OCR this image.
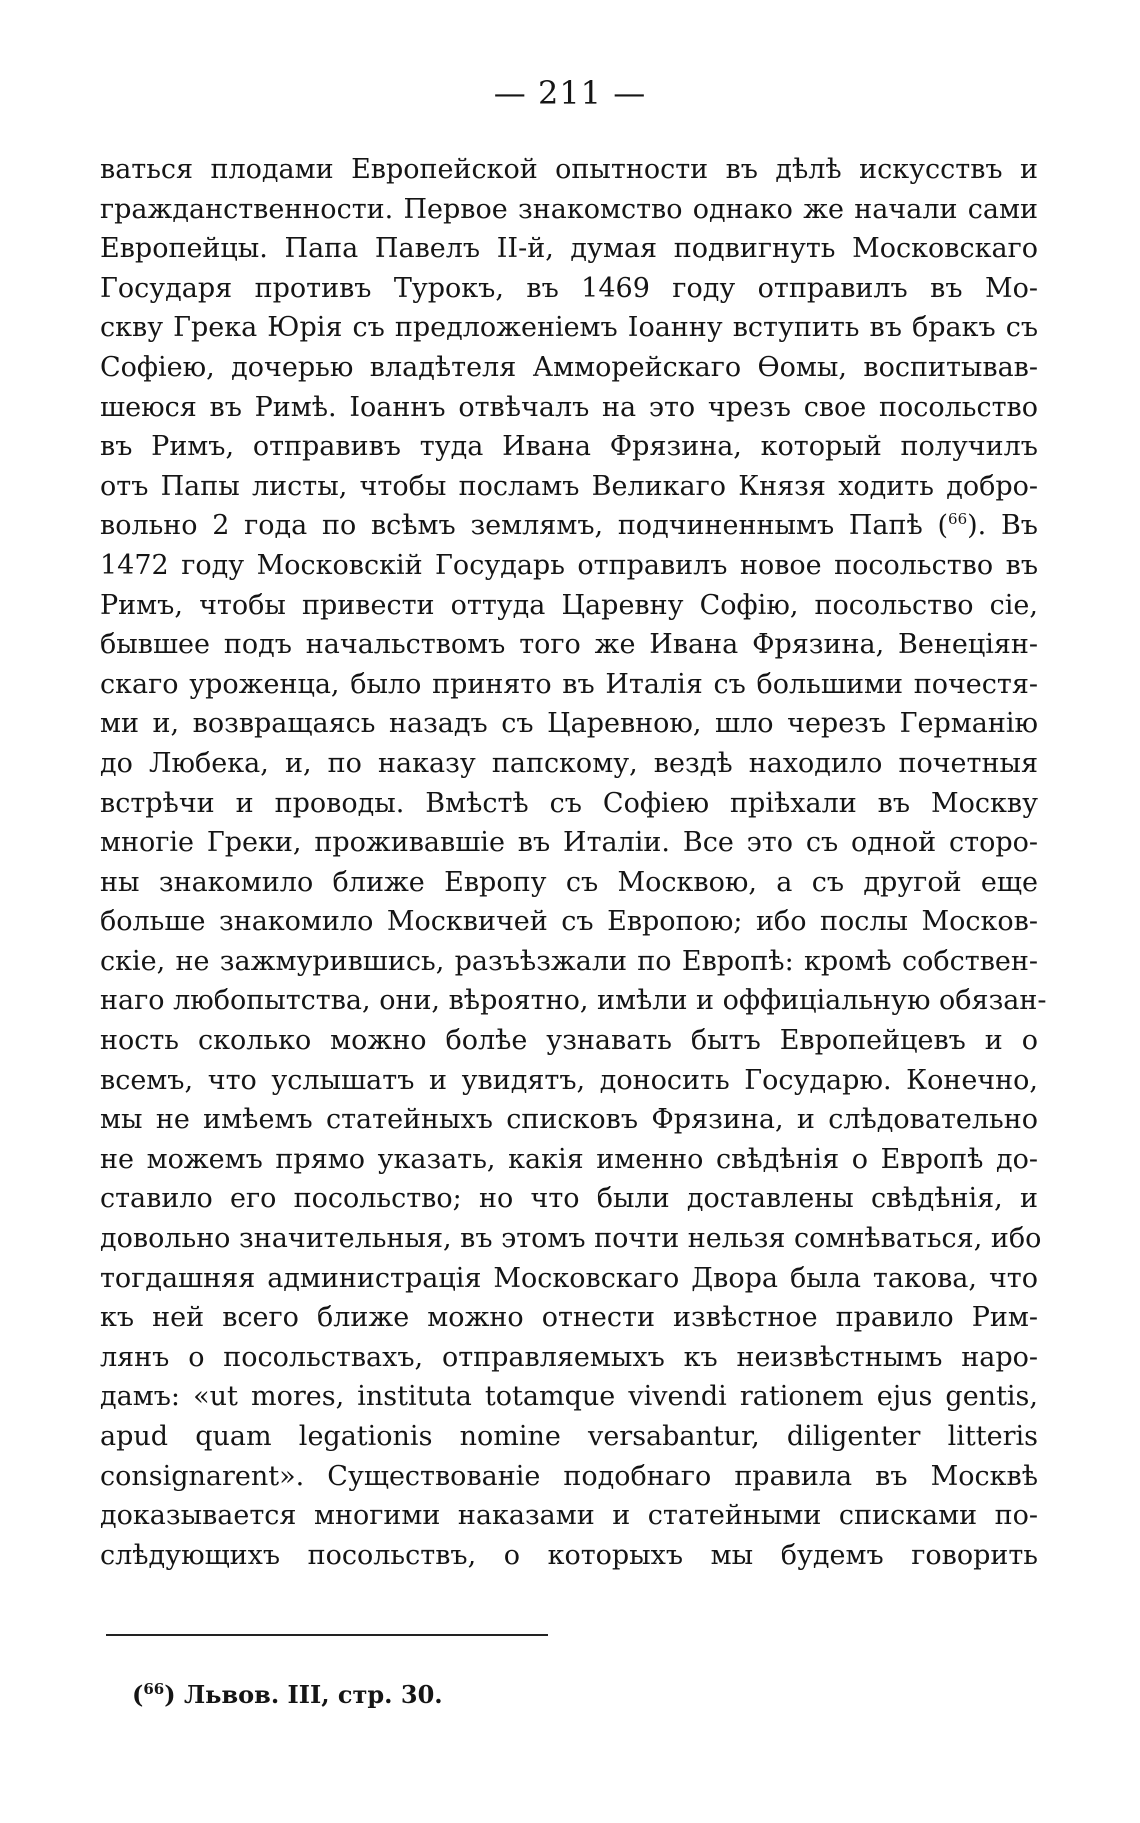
— 211 —
ваться плодами Европейской опытности въ дѣлѣ искусствъ и
гражданственности. Первое знакомство однако же начали сами
Европейцы. Папа Павелъ II-й, думая подвигнуть Московскаго
Государя противъ Турокъ, въ 1469 году отправилъ въ Мо-
скву Грека Юрія съ предложеніемъ Іоанну вступить въ бракъ съ
Софіею, дочерью владѣтеля Амморейскаго Ѳомы, воспитывав-
шеюся въ Римѣ. Іоаннъ отвѣчалъ на это чрезъ свое посольство
въ Римъ, отправивъ туда Ивана Фрязина, который получилъ
отъ Папы листы, чтобы посламъ Великаго Князя ходить добро-
вольно 2 года по всѣмъ землямъ, подчиненнымъ Папѣ ($^{66}$). Въ
1472 году Московскій Государь отправилъ новое посольство въ
Римъ, чтобы привести оттуда Царевну Софію, посольство сіе,
бывшее подъ начальствомъ того же Ивана Фрязина, Венеціян-
скаго уроженца, было принято въ Италія съ большими почестя-
ми и, возвращаясь назадъ съ Царевною, шло черезъ Германію
до Любека, и, по наказу папскому, вездѣ находило почетныя
встрѣчи и проводы. Вмѣстѣ съ Софіею пріѣхали въ Москву
многіе Греки, проживавшіе въ Италіи. Все это съ одной сторо-
ны знакомило ближе Европу съ Москвою, а съ другой еще
больше знакомило Москвичей съ Европою; ибо послы Москов-
скіе, не зажмурившись, разъѣзжали по Европѣ: кромѣ собствен-
наго любопытства, они, вѣроятно, имѣли и оффиціальную обязан-
ность сколько можно болѣе узнавать бытъ Европейцевъ и о
всемъ, что услышатъ и увидятъ, доносить Государю. Конечно,
мы не имѣемъ статейныхъ списковъ Фрязина, и слѣдовательно
не можемъ прямо указать, какія именно свѣдѣнія о Европѣ до-
ставило его посольство; но что были доставлены свѣдѣнія, и
довольно значительныя, въ этомъ почти нельзя сомнѣваться, ибо
тогдашняя администрація Московскаго Двора была такова, что
къ ней всего ближе можно отнести извѣстное правило Рим-
лянъ о посольствахъ, отправляемыхъ къ неизвѣстнымъ наро-
дамъ: «ut mores, instituta totamque vivendi rationem ejus gentis,
apud quam legationis nomine versabantur, diligenter litteris
consignarent». Существованіе подобнаго правила въ Москвѣ
доказывается многими наказами и статейными списками по-
слѣдующихъ посольствъ, о которыхъ мы будемъ говорить
($^{66}$) Львов. III, стр. 30.
